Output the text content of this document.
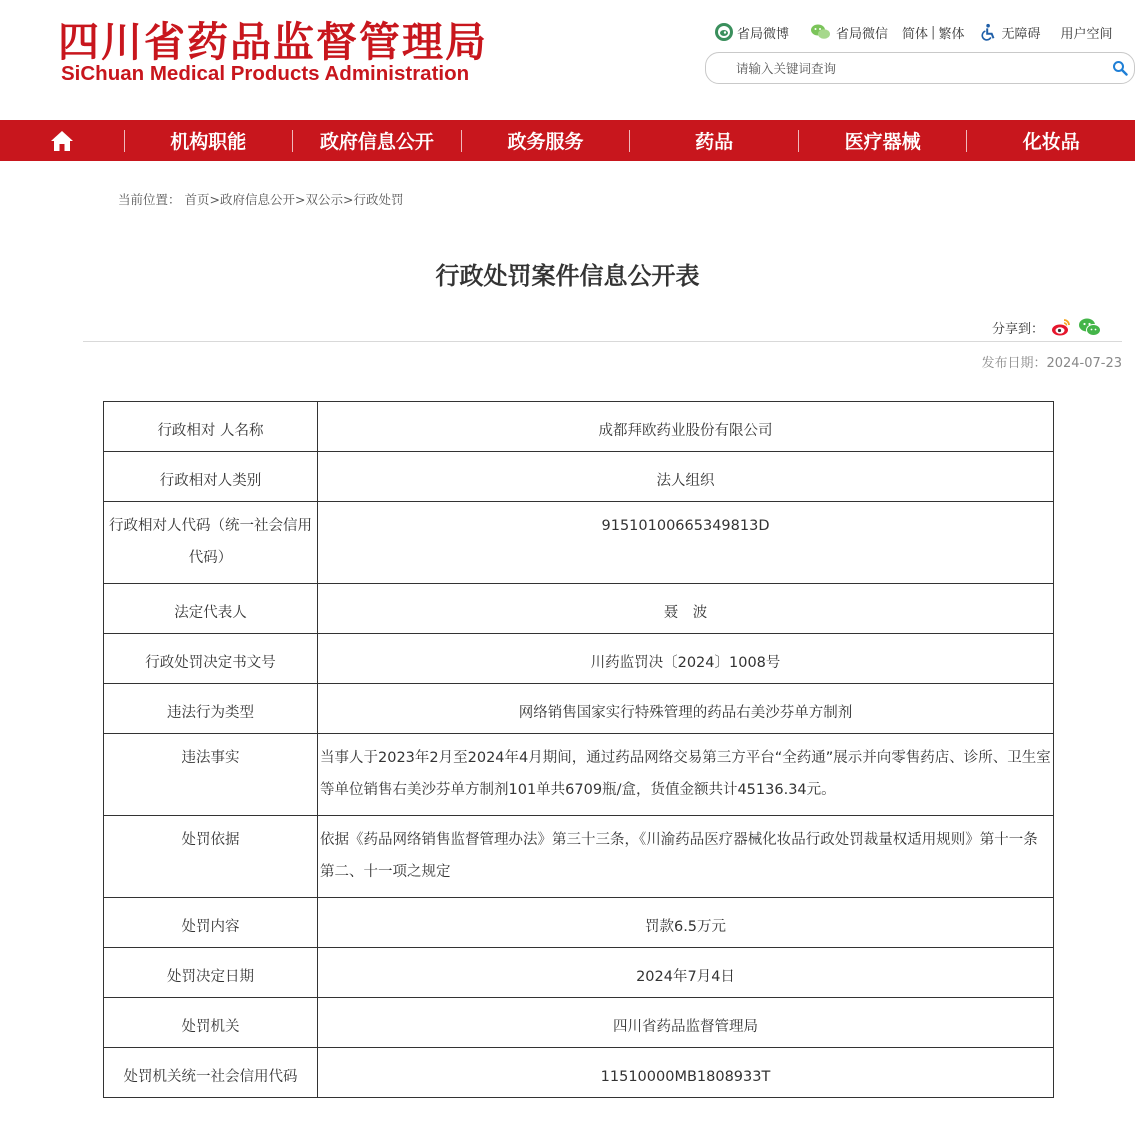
四川省药品监督管理局
SiChuan Medical Products Administration
省局微博	省局微信 简体 | 繁体	无障碍 用户空间
请输入关键词查询
机构职能	政府信息公开	政务服务	药品	医疗器械	化妆品
当前位置： 首页>政府信息公开>双公示>行政处罚
行政处罚案件信息公开表
分享到：
发布日期：2024-07-23
行政相对 人名称	成都拜欧药业股份有限公司
行政相对人类别	法人组织
行政相对人代码（统一社会信用代码）	91510100665349813D
法定代表人	聂　波
行政处罚决定书文号	川药监罚决〔2024〕1008号
违法行为类型	网络销售国家实行特殊管理的药品右美沙芬单方制剂
违法事实	当事人于2023年2月至2024年4月期间，通过药品网络交易第三方平台“全药通”展示并向零售药店、诊所、卫生室等单位销售右美沙芬单方制剂101单共6709瓶/盒，货值金额共计45136.34元。
处罚依据	依据《药品网络销售监督管理办法》第三十三条，《川渝药品医疗器械化妆品行政处罚裁量权适用规则》第十一条第二、十一项之规定
处罚内容	罚款6.5万元
处罚决定日期	2024年7月4日
处罚机关	四川省药品监督管理局
处罚机关统一社会信用代码	11510000MB1808933T
